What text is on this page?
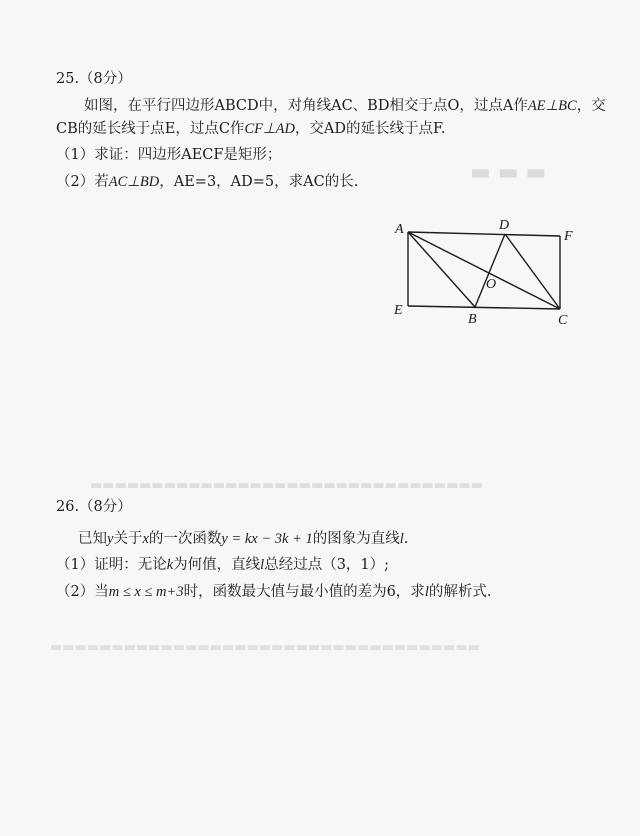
▬ ▬ ▬
▬▬▬▬▬▬▬▬▬▬▬▬▬▬▬▬▬▬▬▬▬▬▬▬▬▬▬▬▬▬▬▬
▬▬▬▬▬▬▬▬▬▬▬▬▬▬▬▬▬▬▬▬▬▬▬▬▬▬▬▬▬▬▬▬▬▬▬
25.（8分）
如图，在平行四边形ABCD中，对角线AC、BD相交于点O，过点A作AE⊥BC，交
CB的延长线于点E，过点C作CF⊥AD，交AD的延长线于点F.
（1）求证：四边形AECF是矩形；
（2）若AC⊥BD，AE=3，AD=5，求AC的长.
A	D
F
O
E
B	C
26.（8分）
已知y关于x的一次函数y = kx − 3k + 1的图象为直线l.
（1）证明：无论k为何值，直线l总经过点（3，1）;
（2）当m ≤ x ≤ m+3时，函数最大值与最小值的差为6，求l的解析式.
